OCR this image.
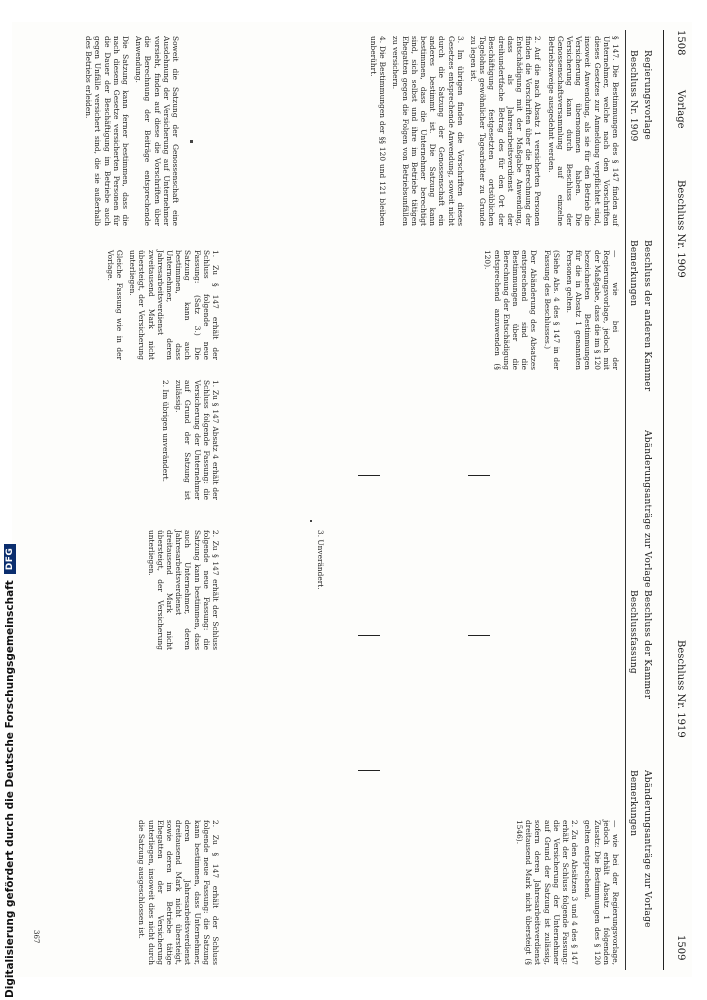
1508
Vorlage
Beschluss Nr. 1909
Beschluss Nr. 1919
1509
Regierungsvorlage
Beschluss Nr. 1909
Beschluss der anderen Kammer
Bemerkungen
Abänderungsanträge zur Vorlage
Beschluss der Kammer
Beschlussfassung
Abänderungsanträge zur Vorlage
Bemerkungen

§ 147. Die Bestimmungen des § 147 finden auf Unternehmer, welche nach den Vorschriften dieses Gesetzes zur Anmeldung verpflichtet sind, insoweit Anwendung, als sie für den Betrieb die Versicherung übernommen haben. Die Versicherung kann durch Beschluss der Genossenschaftsversammlung auf einzelne Betriebszweige ausgedehnt werden.

2. Auf die nach Absatz 1 versicherten Personen finden die Vorschriften über die Berechnung der Entschädigung mit der Maßgabe Anwendung, dass als Jahresarbeitsverdienst der dreihundertfache Betrag des für den Ort der Beschäftigung festgesetzten ortsüblichen Tagelohns gewöhnlicher Tagearbeiter zu Grunde zu legen ist.

3. Im übrigen finden die Vorschriften dieses Gesetzes entsprechende Anwendung, soweit nicht durch die Satzung der Genossenschaft ein anderes bestimmt ist. Die Satzung kann bestimmen, dass die Unternehmer berechtigt sind, sich selbst und ihre im Betriebe tätigen Ehegatten gegen die Folgen von Betriebsunfällen zu versichern.

4. Die Bestimmungen der §§ 120 und 121 bleiben unberührt.

Soweit die Satzung der Genossenschaft eine Ausdehnung der Versicherung auf Unternehmer vorsieht, finden auf diese die Vorschriften über die Berechnung der Beiträge entsprechende Anwendung.

Die Satzung kann ferner bestimmen, dass die nach diesem Gesetze versicherten Personen für die Dauer der Beschäftigung im Betriebe auch gegen Unfälle versichert sind, die sie außerhalb des Betriebs erleiden.

— wie bei der Regierungsvorlage, jedoch mit der Maßgabe, dass die im § 120 bezeichneten Bestimmungen für die in Absatz 1 genannten Personen gelten.

(Siehe Abs. 4 des § 147 in der Fassung des Beschlusses.)

Der Abänderung des Absatzes entsprechend sind die Bestimmungen über die Berechnung der Entschädigung entsprechend anzuwenden (§ 120).

1. Zu § 147 erhält der Schluss folgende neue Fassung: (Satz 3.) Die Satzung kann auch bestimmen, dass Unternehmer, deren Jahresarbeitsverdienst zweitausend Mark nicht übersteigt, der Versicherung unterliegen.

Gleiche Fassung wie in der Vorlage.

1. Zu § 147 Absatz 4 erhält der Schluss folgende Fassung: die Versicherung der Unternehmer auf Grund der Satzung ist zulässig.

2. Im übrigen unverändert.

3. Unverändert.

2. Zu § 147 erhält der Schluss folgende neue Fassung: die Satzung kann bestimmen, dass auch Unternehmer, deren Jahresarbeitsverdienst dreitausend Mark nicht übersteigt, der Versicherung unterliegen.

— wie bei der Regierungsvorlage, jedoch erhält Absatz 1 folgenden Zusatz: Die Bestimmungen des § 120 gelten entsprechend.

2. Zu den Absätzen 3 und 4 des § 147 erhält der Schluss folgende Fassung: die Versicherung der Unternehmer auf Grund der Satzung ist zulässig, sofern deren Jahresarbeitsverdienst dreitausend Mark nicht übersteigt (§ 1546).

2. Zu § 147 erhält der Schluss folgende neue Fassung: die Satzung kann bestimmen, dass Unternehmer, deren Jahresarbeitsverdienst dreitausend Mark nicht übersteigt, sowie deren im Betriebe tätige Ehegatten der Versicherung unterliegen, insoweit dies nicht durch die Satzung ausgeschlossen ist.

367
Digitalisierung gefördert durch die Deutsche ForschungsgemeinschaftDFG
